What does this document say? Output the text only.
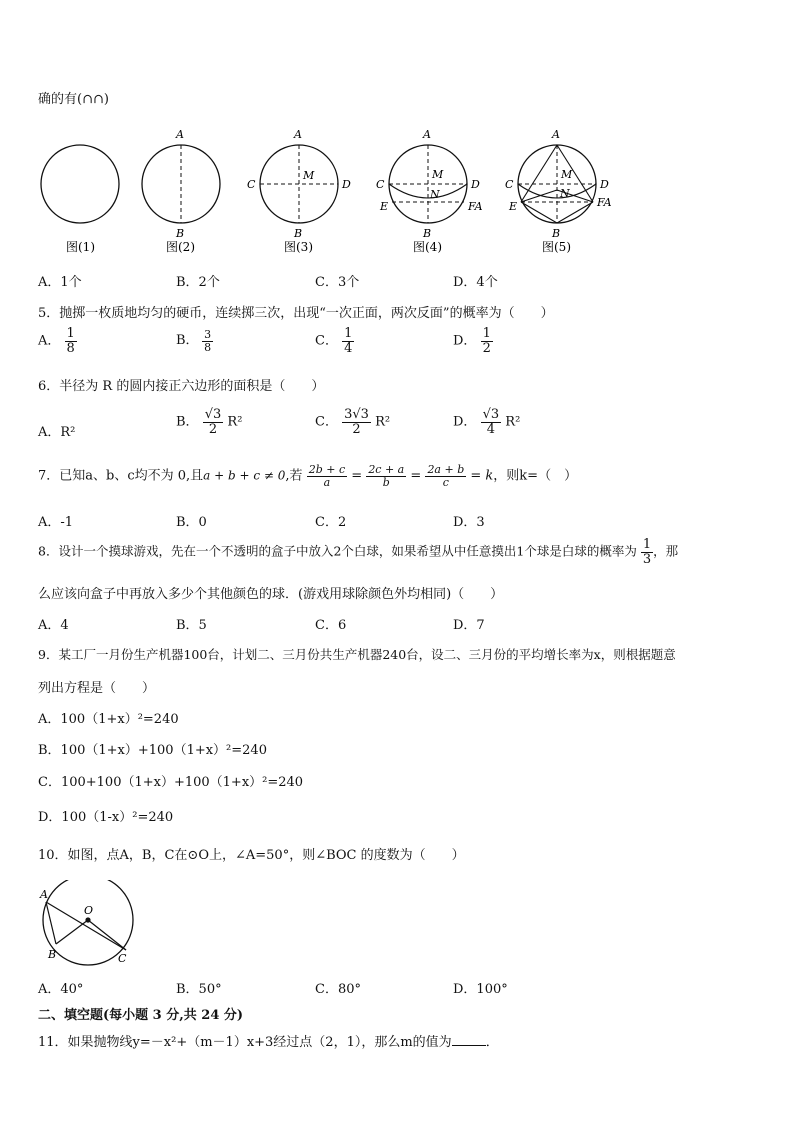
确的有(∩∩)
A
B
A
B
C	D
M
A
B
C	D
M
N
E	FA
A
B
C	D
M
N
E	FA
图(1)	图(2)	图(3)	图(4)	图(5)
A．1个	B．2个	C．3个	D．4个
5．抛掷一枚质地均匀的硬币，连续掷三次，出现“一次正面，两次反面”的概率为（　　）
A． $\frac{1}{8}$	B． $\frac{3}{8}$	C． $\frac{1}{4}$	D． $\frac{1}{2}$
6．半径为 R 的圆内接正六边形的面积是（　　）
A．R²
B． $\frac{√3}{2} R^2$	C． $\frac{3√3}{2} R^2$	D． $\frac{√3}{4} R^2$
7．已知a、b、c均不为 0,且a + b + c ≠ 0,若 $\frac{2b + c}{a} = \frac{2c + a}{b} = \frac{2a + b}{c} = k$，则k=（　）
A．-1	B．0	C．2	D．3
8．设计一个摸球游戏，先在一个不透明的盒子中放入2个白球，如果希望从中任意摸出1个球是白球的概率为 $\frac{1}{3}$ ，那
么应该向盒子中再放入多少个其他颜色的球．(游戏用球除颜色外均相同)（　　）
A．4	B．5	C．6	D．7
9．某工厂一月份生产机器100台，计划二、三月份共生产机器240台，设二、三月份的平均增长率为x，则根据题意
列出方程是（　　）
A．100（1+x）²=240
B．100（1+x）+100（1+x）²=240
C．100+100（1+x）+100（1+x）²=240
D．100（1-x）²=240
10．如图，点A，B，C在⊙O上，∠A=50°，则∠BOC 的度数为（　　）
A
O
B	C
A．40°	B．50°	C．80°	D．100°
二、填空题(每小题 3 分,共 24 分)
11．如果抛物线y=－x²+（m－1）x+3经过点（2，1），那么m的值为	．
